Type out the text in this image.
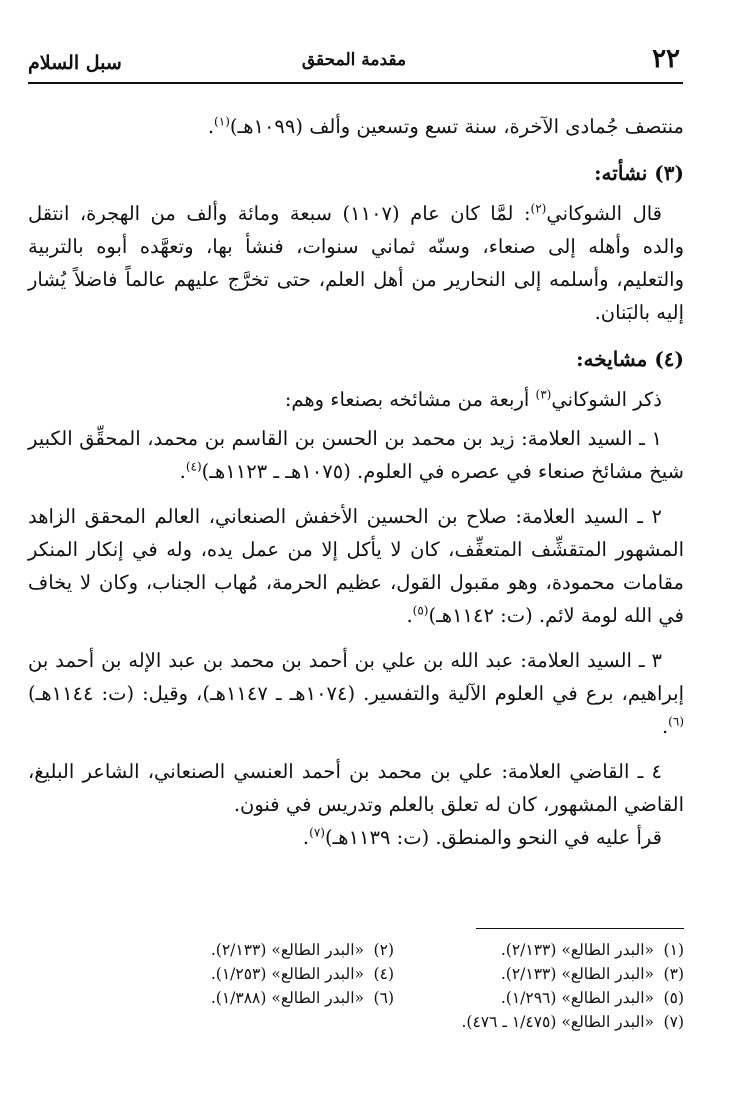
٢٢
مقدمة المحقق
سبل السلام

منتصف جُمادى الآخرة، سنة تسع وتسعين وألف (١٠٩٩هـ)$^{(١)}$.

(٣) نشأته:

قال الشوكاني$^{(٢)}$: لمَّا كان عام (١١٠٧) سبعة ومائة وألف من الهجرة، انتقل والده وأهله إلى صنعاء، وسنّه ثماني سنوات، فنشأ بها، وتعهَّده أبوه بالتربية والتعليم، وأسلمه إلى النحارير من أهل العلم، حتى تخرَّج عليهم عالماً فاضلاً يُشار إليه بالبَنان.

(٤) مشايخه:

ذكر الشوكاني$^{(٣)}$ أربعة من مشائخه بصنعاء وهم:

١ ـ السيد العلامة: زيد بن محمد بن الحسن بن القاسم بن محمد، المحقِّق الكبير شيخ مشائخ صنعاء في عصره في العلوم. (١٠٧٥هـ ـ ١١٢٣هـ)$^{(٤)}$.

٢ ـ السيد العلامة: صلاح بن الحسين الأخفش الصنعاني، العالم المحقق الزاهد المشهور المتقشِّف المتعفِّف، كان لا يأكل إلا من عمل يده، وله في إنكار المنكر مقامات محمودة، وهو مقبول القول، عظيم الحرمة، مُهاب الجناب، وكان لا يخاف في الله لومة لائم. (ت: ١١٤٢هـ)$^{(٥)}$.

٣ ـ السيد العلامة: عبد الله بن علي بن أحمد بن محمد بن عبد الإله بن أحمد بن إبراهيم، برع في العلوم الآلية والتفسير. (١٠٧٤هـ ـ ١١٤٧هـ)، وقيل: (ت: ١١٤٤هـ)$^{(٦)}$.

٤ ـ القاضي العلامة: علي بن محمد بن أحمد العنسي الصنعاني، الشاعر البليغ، القاضي المشهور، كان له تعلق بالعلم وتدريس في فنون.

قرأ عليه في النحو والمنطق. (ت: ١١٣٩هـ)$^{(٧)}$.

(١)«البدر الطالع» (٢/١٣٣).
(٢)«البدر الطالع» (٢/١٣٣).
(٣)«البدر الطالع» (٢/١٣٣).
(٤)«البدر الطالع» (١/٢٥٣).
(٥)«البدر الطالع» (١/٢٩٦).
(٦)«البدر الطالع» (١/٣٨٨).
(٧)«البدر الطالع» (١/٤٧٥ ـ ٤٧٦).
